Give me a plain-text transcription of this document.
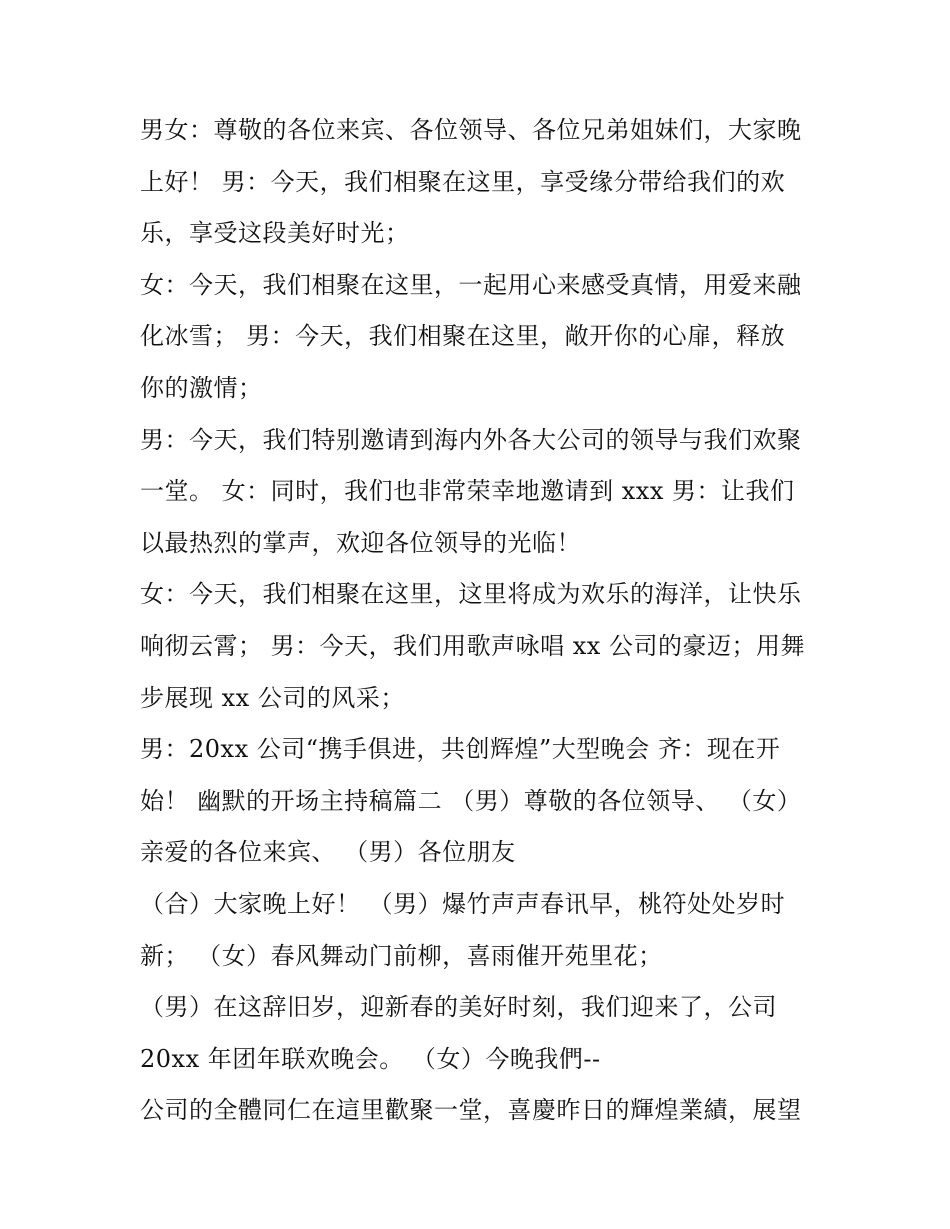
男女：尊敬的各位来宾、各位领导、各位兄弟姐妹们，大家晚
上好！ 男：今天，我们相聚在这里，享受缘分带给我们的欢
乐，享受这段美好时光；
女：今天，我们相聚在这里，一起用心来感受真情，用爱来融
化冰雪； 男：今天，我们相聚在这里，敞开你的心扉，释放
你的激情；
男：今天，我们特别邀请到海内外各大公司的领导与我们欢聚
一堂。 女：同时，我们也非常荣幸地邀请到 xxx 男：让我们
以最热烈的掌声，欢迎各位领导的光临！
女：今天，我们相聚在这里，这里将成为欢乐的海洋，让快乐
响彻云霄； 男：今天，我们用歌声咏唱 xx 公司的豪迈；用舞
步展现 xx 公司的风采；
男：20xx 公司“携手俱进，共创辉煌”大型晚会 齐：现在开
始！ 幽默的开场主持稿篇二 （男）尊敬的各位领导、 （女）
亲爱的各位来宾、 （男）各位朋友
（合）大家晚上好！ （男）爆竹声声春讯早，桃符处处岁时
新； （女）春风舞动门前柳，喜雨催开苑里花；
（男）在这辞旧岁，迎新春的美好时刻，我们迎来了，公司
20xx 年团年联欢晚会。 （女）今晚我們--
公司的全體同仁在這里歡聚一堂，喜慶昨日的輝煌業績，展望
